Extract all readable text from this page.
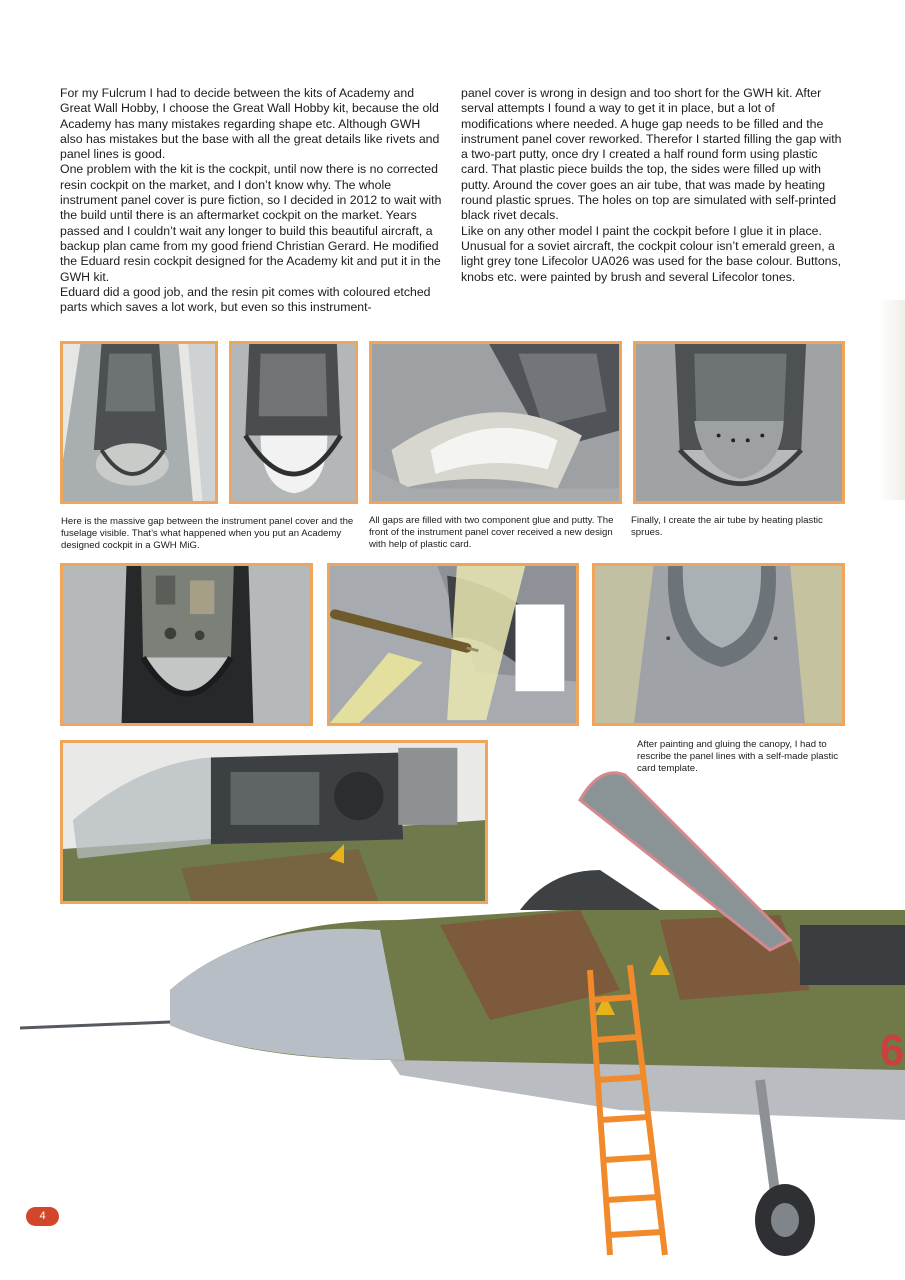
For my Fulcrum I had to decide between the kits of Academy and Great Wall Hobby, I choose the Great Wall Hobby kit, because the old Academy has many mistakes regarding shape etc. Although GWH also has mistakes but the base with all the great details like rivets and panel lines is good.

One problem with the kit is the cockpit, until now there is no corrected resin cockpit on the market, and I don’t know why. The whole instrument panel cover is pure fiction, so I decided in 2012 to wait with the build until there is an aftermarket cockpit on the market. Years passed and I couldn’t wait any longer to build this beautiful aircraft, a backup plan came from my good friend Christian Gerard. He modified the Eduard resin cockpit designed for the Academy kit and put it in the GWH kit.

Eduard did a good job, and the resin pit comes with coloured etched parts which saves a lot work, but even so this instrument-

panel cover is wrong in design and too short for the GWH kit. After serval attempts I found a way to get it in place, but a lot of modifications where needed. A huge gap needs to be filled and the instrument panel cover reworked. Therefor I started filling the gap with a two-part putty, once dry I created a half round form using plastic card. That plastic piece builds the top, the sides were filled up with putty. Around the cover goes an air tube, that was made by heating round plastic sprues. The holes on top are simulated with self-printed black rivet decals.

Like on any other model I paint the cockpit before I glue it in place. Unusual for a soviet aircraft, the cockpit colour isn’t emerald green, a light grey tone Lifecolor UA026 was used for the base colour. Buttons, knobs etc. were painted by brush and several Lifecolor tones.

Here is the massive gap between the instrument panel cover and the fuselage visible. That’s what happened when you put an Academy designed cockpit in a GWH MiG.

All gaps are filled with two component glue and putty. The front of the instrument panel cover received a new design with help of plastic card.

Finally, I create the air tube by heating plastic sprues.

After painting and gluing the canopy, I had to rescribe the panel lines with a self-made plastic card template.

6
4
